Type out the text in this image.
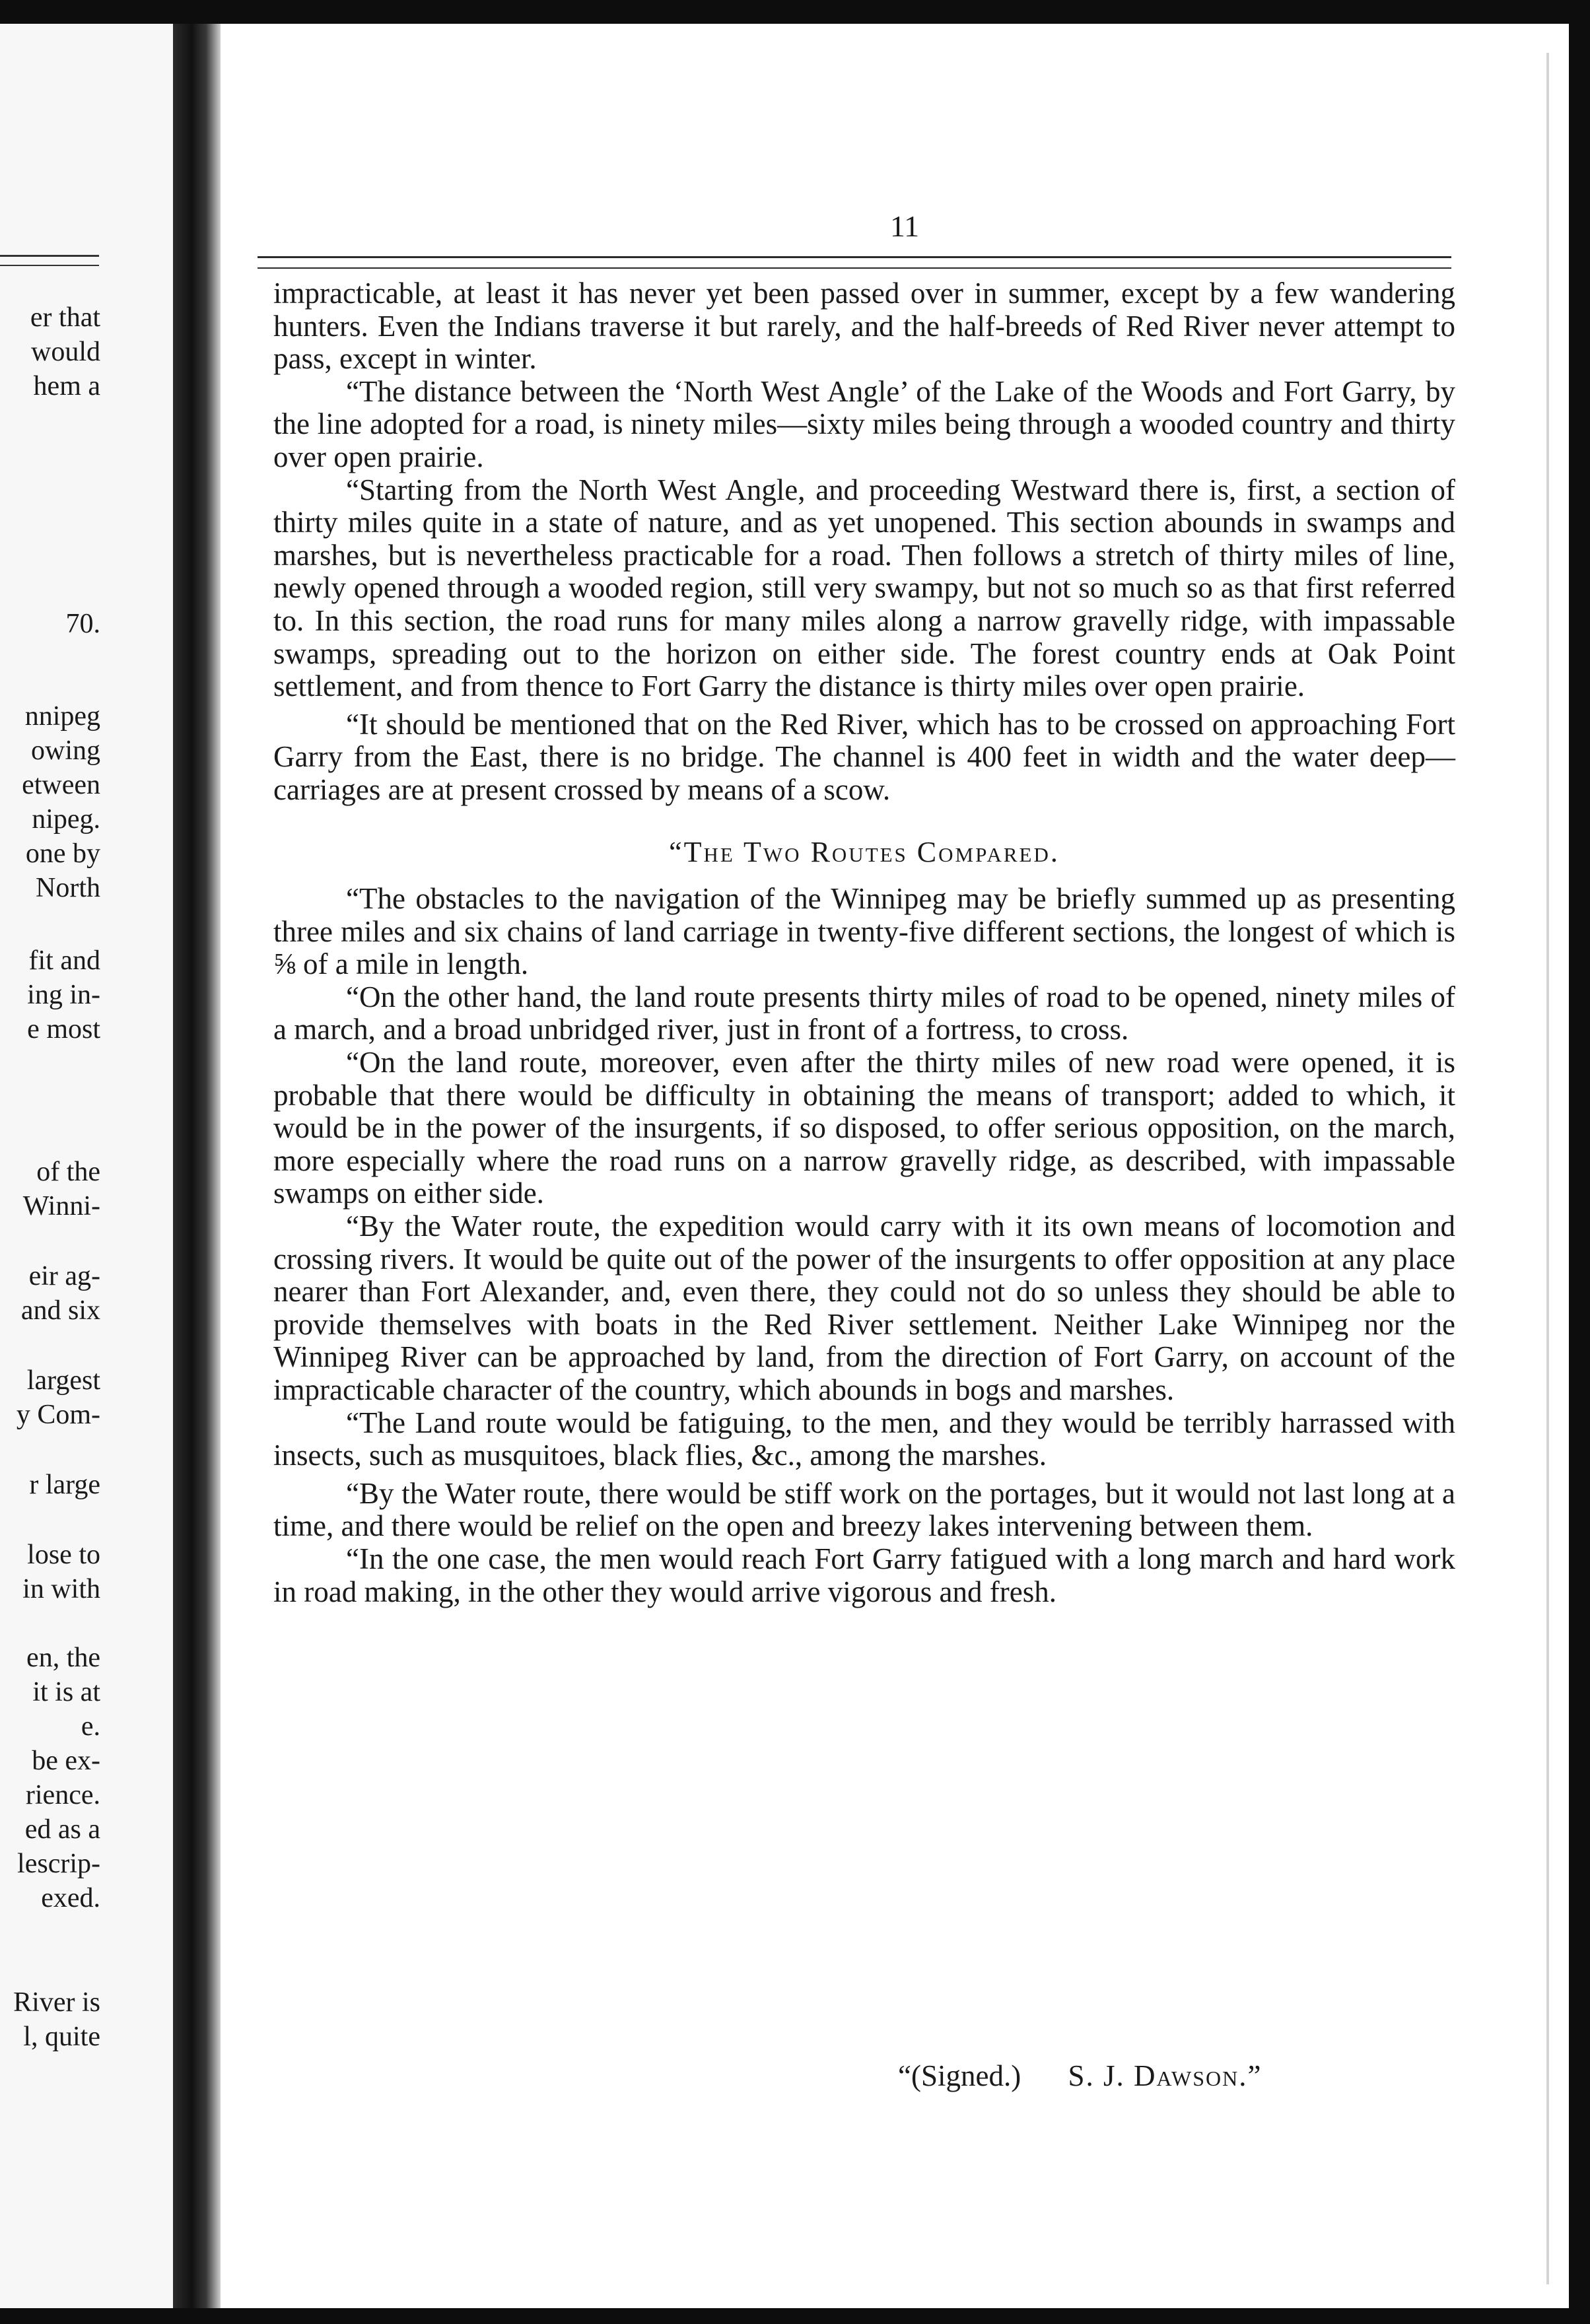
er that
would
hem a
70.
nnipeg
owing
etween
nipeg.
one by
North
fit and
ing in-
e most
of the
Winni-
eir ag-
and six
largest
y Com-
r large
lose to
in with
en, the
it is at
e.
be ex-
rience.
ed as a
lescrip-
exed.
River is
l, quite
11

impracticable, at least it has never yet been passed over in summer, except by a few wandering hunters. Even the Indians traverse it but rarely, and the half-breeds of Red River never attempt to pass, except in winter.

“The distance between the ‘North West Angle’ of the Lake of the Woods and Fort Garry, by the line adopted for a road, is ninety miles—sixty miles being through a wooded country and thirty over open prairie.

“Starting from the North West Angle, and proceeding Westward there is, first, a section of thirty miles quite in a state of nature, and as yet unopened. This section abounds in swamps and marshes, but is nevertheless practicable for a road. Then follows a stretch of thirty miles of line, newly opened through a wooded region, still very swampy, but not so much so as that first referred to. In this section, the road runs for many miles along a narrow gravelly ridge, with impassable swamps, spreading out to the horizon on either side. The forest country ends at Oak Point settlement, and from thence to Fort Garry the distance is thirty miles over open prairie.

“It should be mentioned that on the Red River, which has to be crossed on approaching Fort Garry from the East, there is no bridge. The channel is 400 feet in width and the water deep—carriages are at present crossed by means of a scow.

“The Two Routes Compared.

“The obstacles to the navigation of the Winnipeg may be briefly summed up as presenting three miles and six chains of land carriage in twenty-five different sections, the longest of which is ⅝ of a mile in length.

“On the other hand, the land route presents thirty miles of road to be opened, ninety miles of a march, and a broad unbridged river, just in front of a fortress, to cross.

“On the land route, moreover, even after the thirty miles of new road were opened, it is probable that there would be difficulty in obtaining the means of transport; added to which, it would be in the power of the insurgents, if so disposed, to offer serious opposition, on the march, more especially where the road runs on a narrow gravelly ridge, as described, with impassable swamps on either side.

“By the Water route, the expedition would carry with it its own means of locomotion and crossing rivers. It would be quite out of the power of the insurgents to offer opposition at any place nearer than Fort Alexander, and, even there, they could not do so unless they should be able to provide themselves with boats in the Red River settlement. Neither Lake Winnipeg nor the Winnipeg River can be approached by land, from the direction of Fort Garry, on account of the impracticable character of the country, which abounds in bogs and marshes.

“The Land route would be fatiguing, to the men, and they would be terribly harrassed with insects, such as musquitoes, black flies, &c., among the marshes.

“By the Water route, there would be stiff work on the portages, but it would not last long at a time, and there would be relief on the open and breezy lakes intervening between them.

“In the one case, the men would reach Fort Garry fatigued with a long march and hard work in road making, in the other they would arrive vigorous and fresh.

“(Signed.) S. J. Dawson.”
